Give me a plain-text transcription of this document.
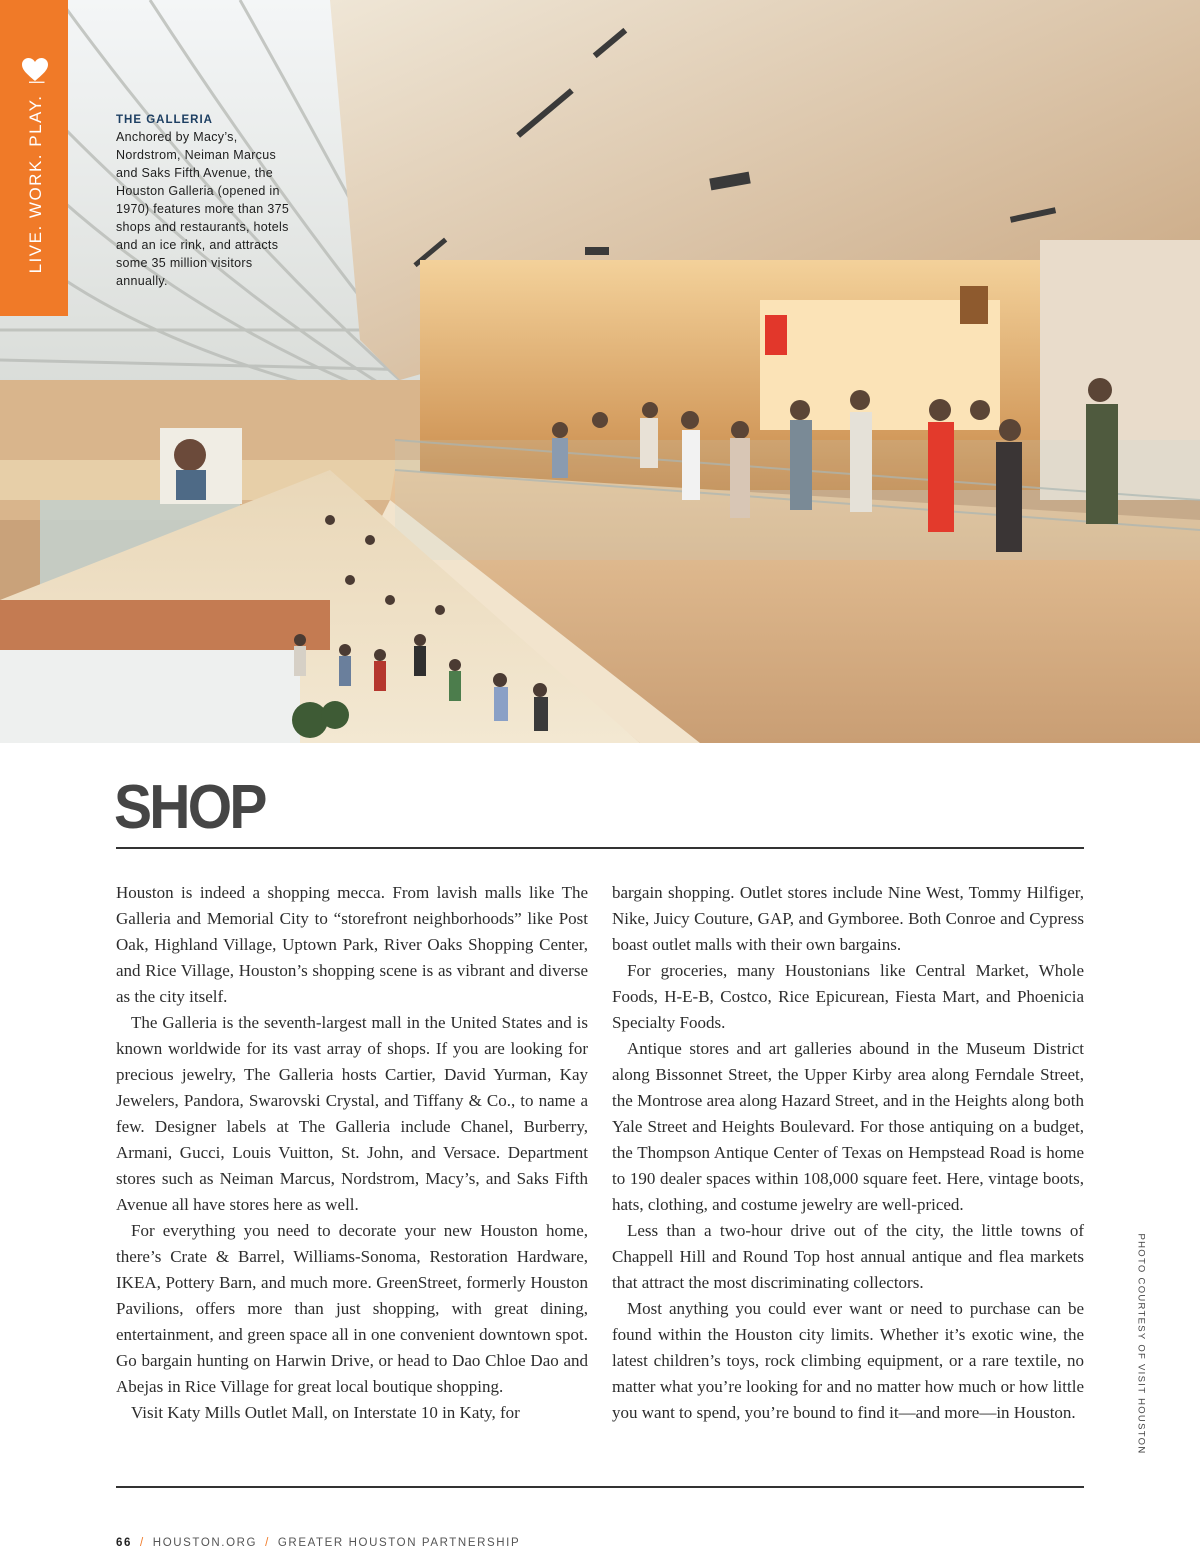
LIVE. WORK. PLAY.|

THE GALLERIA

Anchored by Macy’s, Nordstrom, Neiman Marcus and Saks Fifth Avenue, the Houston Galleria (opened in 1970) features more than 375 shops and restaurants, hotels and an ice rink, and attracts some 35 million visitors annually.

SHOP

Houston is indeed a shopping mecca. From lavish malls like The Galleria and Memorial City to “storefront neighborhoods” like Post Oak, Highland Village, Uptown Park, River Oaks Shopping Center, and Rice Village, Houston’s shopping scene is as vibrant and diverse as the city itself.

The Galleria is the seventh-largest mall in the United States and is known worldwide for its vast array of shops. If you are looking for precious jewelry, The Galleria hosts Cartier, David Yurman, Kay Jewelers, Pandora, Swarovski Crystal, and Tiffany & Co., to name a few. Designer labels at The Galleria include Chanel, Burberry, Armani, Gucci, Louis Vuitton, St. John, and Versace. Department stores such as Neiman Marcus, Nordstrom, Macy’s, and Saks Fifth Avenue all have stores here as well.

For everything you need to decorate your new Houston home, there’s Crate & Barrel, Williams-Sonoma, Restoration Hardware, IKEA, Pottery Barn, and much more. GreenStreet, formerly Houston Pavilions, offers more than just shopping, with great dining, entertainment, and green space all in one convenient downtown spot. Go bargain hunting on Harwin Drive, or head to Dao Chloe Dao and Abejas in Rice Village for great local boutique shopping.

Visit Katy Mills Outlet Mall, on Interstate 10 in Katy, for

bargain shopping. Outlet stores include Nine West, Tommy Hilfiger, Nike, Juicy Couture, GAP, and Gymboree. Both Conroe and Cypress boast outlet malls with their own bargains.

For groceries, many Houstonians like Central Market, Whole Foods, H-E-B, Costco, Rice Epicurean, Fiesta Mart, and Phoenicia Specialty Foods.

Antique stores and art galleries abound in the Museum District along Bissonnet Street, the Upper Kirby area along Ferndale Street, the Montrose area along Hazard Street, and in the Heights along both Yale Street and Heights Boulevard. For those antiquing on a budget, the Thompson Antique Center of Texas on Hempstead Road is home to 190 dealer spaces within 108,000 square feet. Here, vintage boots, hats, clothing, and costume jewelry are well-priced.

Less than a two-hour drive out of the city, the little towns of Chappell Hill and Round Top host annual antique and flea markets that attract the most discriminating collectors.

Most anything you could ever want or need to purchase can be found within the Houston city limits. Whether it’s exotic wine, the latest children’s toys, rock climbing equipment, or a rare textile, no matter what you’re looking for and no matter how much or how little you want to spend, you’re bound to find it—and more—in Houston.	PHOTO COURTESY OF VISIT HOUSTON
66 / HOUSTON.ORG / GREATER HOUSTON PARTNERSHIP
